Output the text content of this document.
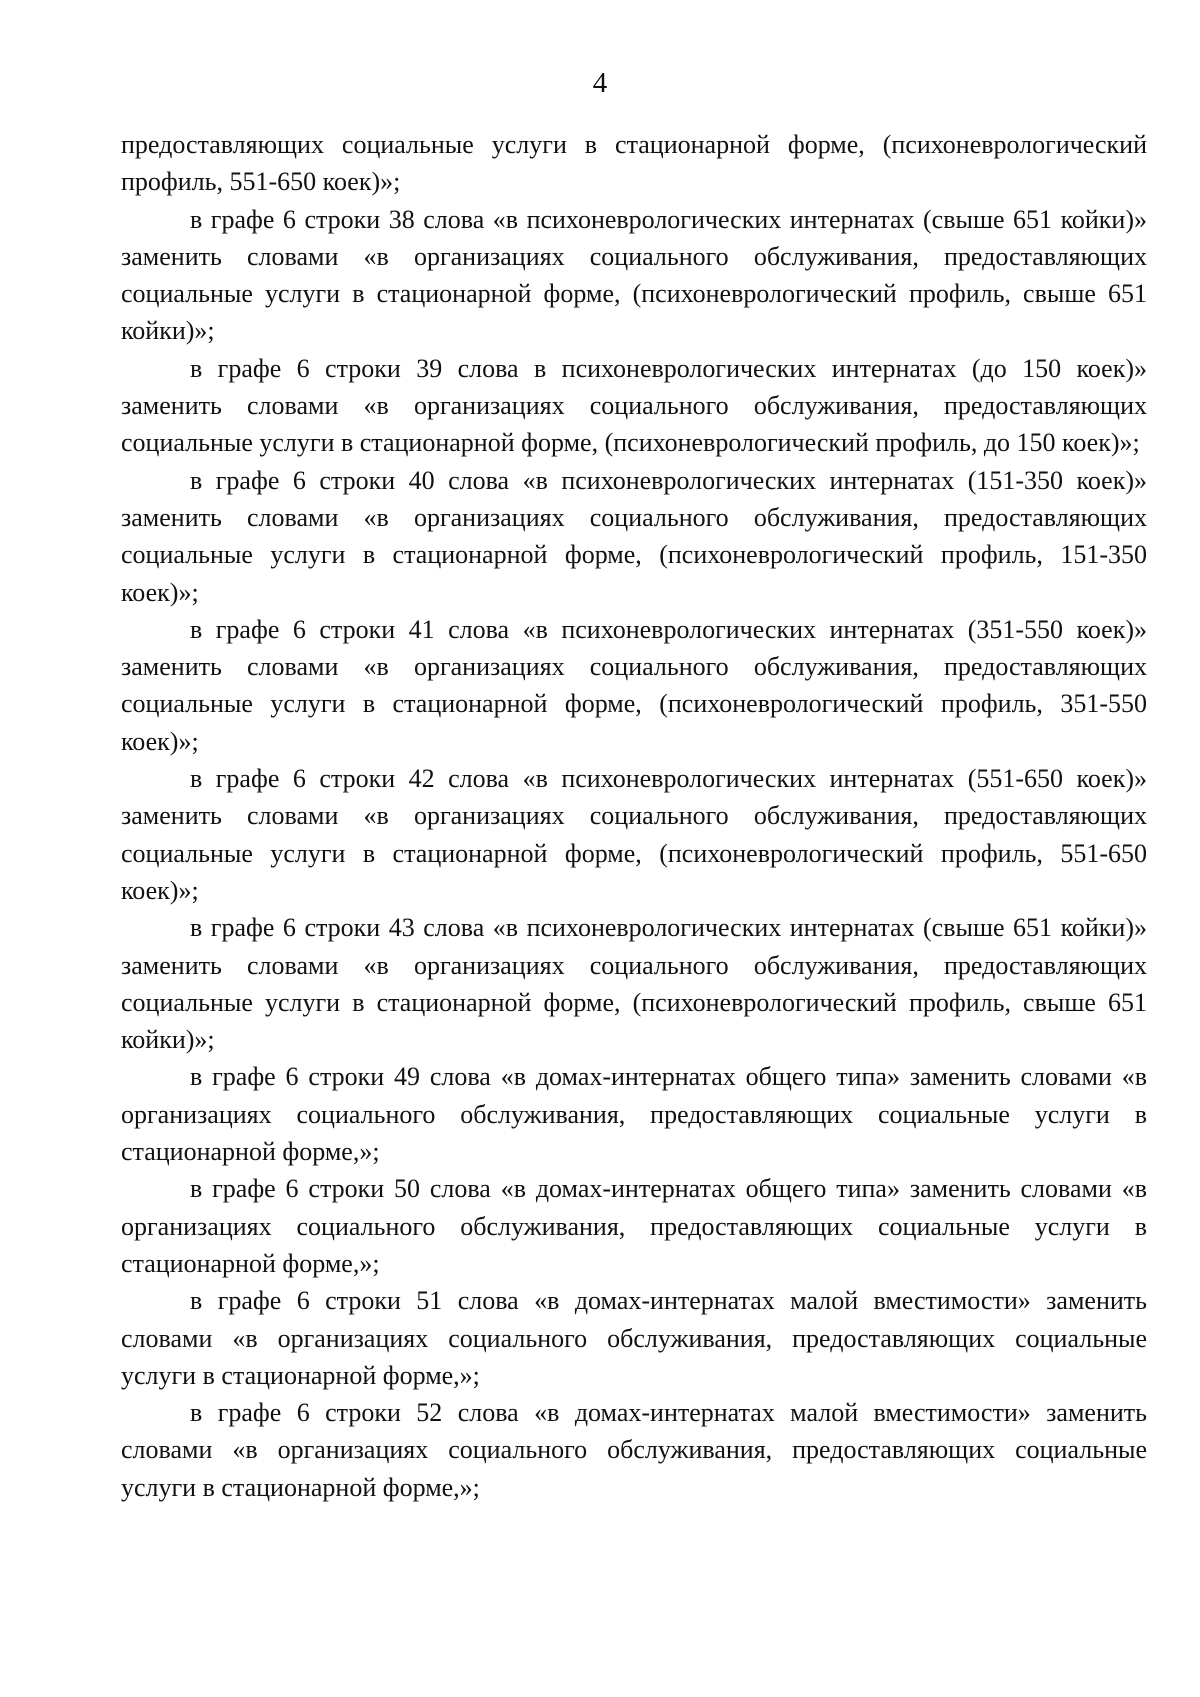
4

предоставляющих социальные услуги в стационарной форме, (психоневрологический профиль, 551-650 коек)»;

в графе 6 строки 38 слова «в психоневрологических интернатах (свыше 651 койки)» заменить словами «в организациях социального обслуживания, предоставляющих социальные услуги в стационарной форме, (психоневрологический профиль, свыше 651 койки)»;

в графе 6 строки 39 слова в психоневрологических интернатах (до 150 коек)» заменить словами «в организациях социального обслуживания, предоставляющих социальные услуги в стационарной форме, (психоневрологический профиль, до 150 коек)»;

в графе 6 строки 40 слова «в психоневрологических интернатах (151-350 коек)» заменить словами «в организациях социального обслуживания, предоставляющих социальные услуги в стационарной форме, (психоневрологический профиль, 151-350 коек)»;

в графе 6 строки 41 слова «в психоневрологических интернатах (351-550 коек)» заменить словами «в организациях социального обслуживания, предоставляющих социальные услуги в стационарной форме, (психоневрологический профиль, 351-550 коек)»;

в графе 6 строки 42 слова «в психоневрологических интернатах (551-650 коек)» заменить словами «в организациях социального обслуживания, предоставляющих социальные услуги в стационарной форме, (психоневрологический профиль, 551-650 коек)»;

в графе 6 строки 43 слова «в психоневрологических интернатах (свыше 651 койки)» заменить словами «в организациях социального обслуживания, предоставляющих социальные услуги в стационарной форме, (психоневрологический профиль, свыше 651 койки)»;

в графе 6 строки 49 слова «в домах-интернатах общего типа» заменить словами «в организациях социального обслуживания, предоставляющих социальные услуги в стационарной форме,»;

в графе 6 строки 50 слова «в домах-интернатах общего типа» заменить словами «в организациях социального обслуживания, предоставляющих социальные услуги в стационарной форме,»;

в графе 6 строки 51 слова «в домах-интернатах малой вместимости» заменить словами «в организациях социального обслуживания, предоставляющих социальные услуги в стационарной форме,»;

в графе 6 строки 52 слова «в домах-интернатах малой вместимости» заменить словами «в организациях социального обслуживания, предоставляющих социальные услуги в стационарной форме,»;
